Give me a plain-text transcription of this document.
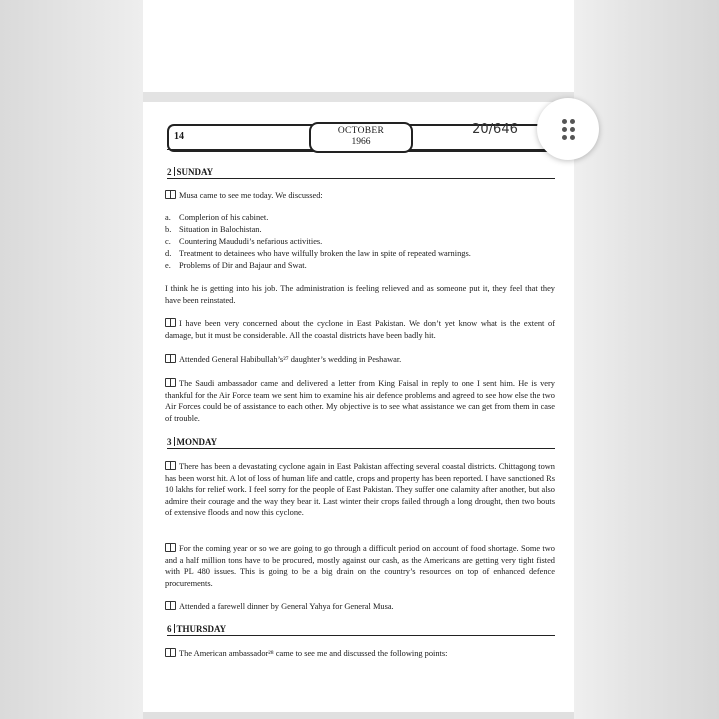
14	OCTOBER
1966
2 SUNDAY
Musa came to see me today. We discussed:
a. Complerion of his cabinet.
b. Situation in Balochistan.
c. Countering Maududi’s nefarious activities.
d. Treatment to detainees who have wilfully broken the law in spite of repeated warnings.
e. Problems of Dir and Bajaur and Swat.
I think he is getting into his job. The administration is feeling relieved and as someone put it, they feel that they have been reinstated.
I have been very concerned about the cyclone in East Pakistan. We don’t yet know what is the extent of damage, but it must be considerable. All the coastal districts have been badly hit.
Attended General Habibullah’s²⁷ daughter’s wedding in Peshawar.
The Saudi ambassador came and delivered a letter from King Faisal in reply to one I sent him. He is very thankful for the Air Force team we sent him to examine his air defence problems and agreed to see how else the two Air Forces could be of assistance to each other. My objective is to see what assistance we can get from them in case of trouble.
3 MONDAY
There has been a devastating cyclone again in East Pakistan affecting several coastal districts. Chittagong town has been worst hit. A lot of loss of human life and cattle, crops and property has been reported. I have sanctioned Rs 10 lakhs for relief work. I feel sorry for the people of East Pakistan. They suffer one calamity after another, but also admire their courage and the way they bear it. Last winter their crops failed through a long drought, then two bouts of extensive floods and now this cyclone.
For the coming year or so we are going to go through a difficult period on account of food shortage. Some two and a half million tons have to be procured, mostly against our cash, as the Americans are getting very tight fisted with PL 480 issues. This is going to be a big drain on the country’s resources on top of enhanced defence procurements.
Attended a farewell dinner by General Yahya for General Musa.
6 THURSDAY
The American ambassador²⁸ came to see me and discussed the following points:
20/646
